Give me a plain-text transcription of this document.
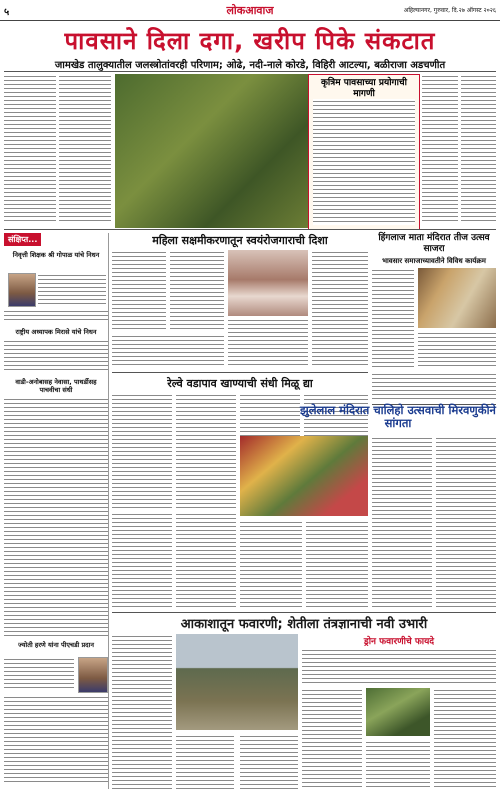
५	लोकआवाज	अहिल्यानगर, गुरुवार, दि.२७ ऑगस्ट २०२६
पावसाने दिला दगा, खरीप पिके संकटात
जामखेड तालुक्यातील जलस्त्रोतांवरही परिणाम; ओढे, नदी-नाले कोरडे, विहिरी आटल्या, बळीराजा अडचणीत
कृत्रिम पावसाच्या प्रयोगाची मागणी
संक्षिप्त...
निवृत्ती शिक्षक श्री गोपाळ यांचे निधन
राष्ट्रीय अध्यापक मिरासे यांचे निधन
वाडी-अनोबासह नेवासा, पाथर्डीसह पाचवीचा संधी
ज्योती हरणे यांना पीएचडी प्रदान
महिला सक्षमीकरणातून स्वयंरोजगाराची दिशा
रेल्वे वडापाव खाण्याची संधी मिळू द्या
हिंगलाज माता मंदिरात तीज उत्सव साजरा
भावसार समाजाच्यावतीने विविध कार्यक्रम
झुलेलाल मंदिरात चालिहो उत्सवाची मिरवणुकीने सांगता
आकाशातून फवारणी; शेतीला तंत्रज्ञानाची नवी उभारी
ड्रोन फवारणीचे फायदे
